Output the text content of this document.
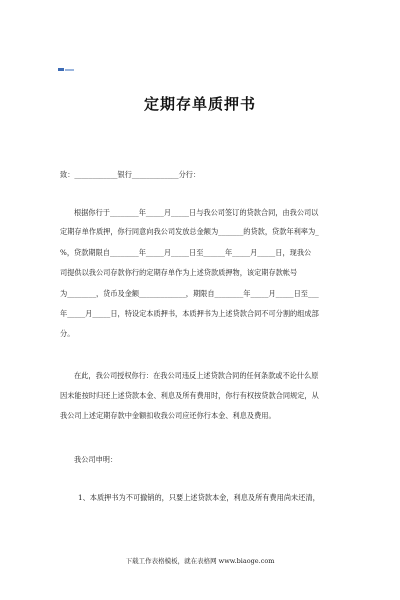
定期存单质押书
致：____________银行_____________分行：
根据你行于________年_____月_____日与我公司签订的贷款合同，由我公司以
定期存单作质押，你行同意向我公司发放总金额为_______的贷款，贷款年利率为_
%，贷款期限自________年_____月_____日至______年_____月_____日，现我公
司提供以我公司存款你行的定期存单作为上述贷款质押物，该定期存款帐号
为________，货币及金额_____________，期限自________年_____月_____日至___
年_____月_____日，特设定本质押书，本质押书为上述贷款合同不可分割的组成部
分。
在此，我公司授权你行：在我公司违反上述贷款合同的任何条款或不论什么原
因未能按时归还上述贷款本金、利息及所有费用时，你行有权按贷款合同规定，从
我公司上述定期存款中金额扣收我公司应还你行本金、利息及费用。
我公司申明：
1、本质押书为不可撤销的，只要上述贷款本金，利息及所有费用尚未还清，
下载工作表格模板，就在表格网 www.biaoge.com
